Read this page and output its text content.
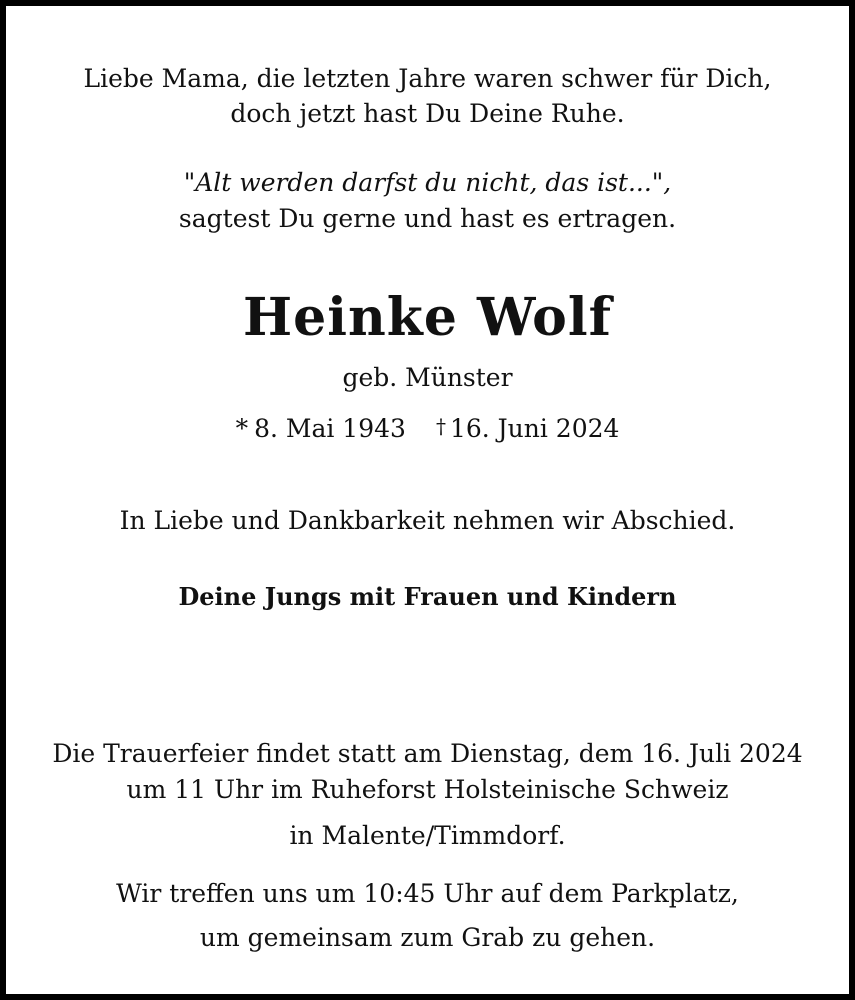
Liebe Mama, die letzten Jahre waren schwer für Dich,
doch jetzt hast Du Deine Ruhe.
"Alt werden darfst du nicht, das ist...",
sagtest Du gerne und hast es ertragen.
Heinke Wolf
geb. Münster
* 8. Mai 1943 † 16. Juni 2024
In Liebe und Dankbarkeit nehmen wir Abschied.
Deine Jungs mit Frauen und Kindern
Die Trauerfeier findet statt am Dienstag, dem 16. Juli 2024
um 11 Uhr im Ruheforst Holsteinische Schweiz
in Malente/Timmdorf.
Wir treffen uns um 10:45 Uhr auf dem Parkplatz,
um gemeinsam zum Grab zu gehen.
